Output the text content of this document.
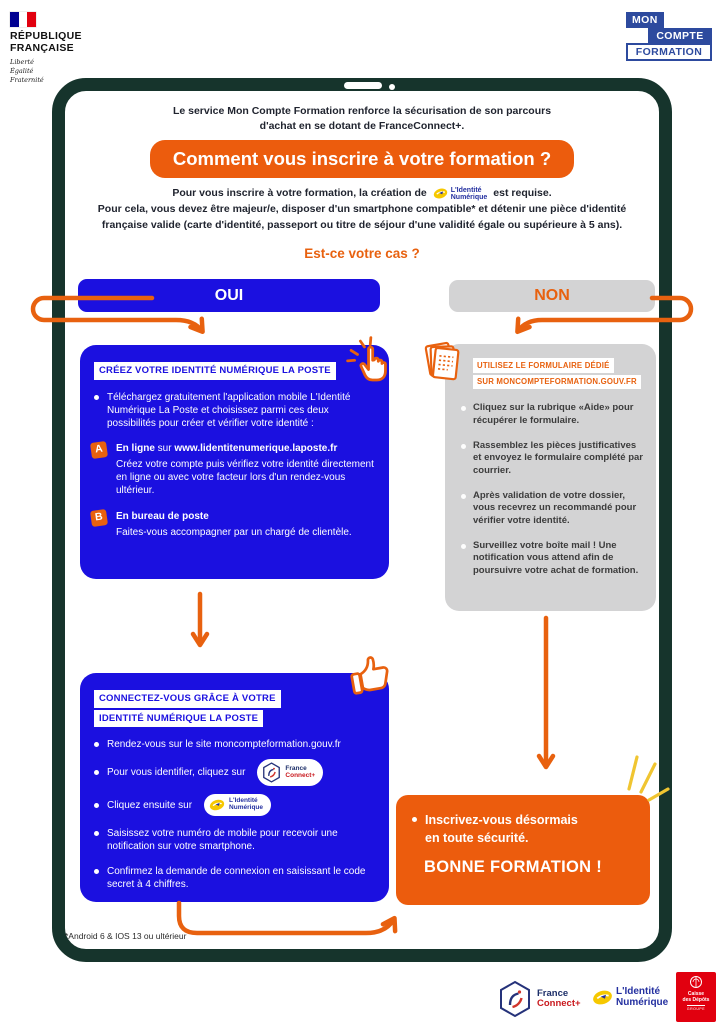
RÉPUBLIQUE
FRANÇAISE
Liberté
Égalité
Fraternité
MON
COMPTE
FORMATION
Le service Mon Compte Formation renforce la sécurisation de son parcours
d'achat en se dotant de FranceConnect+.
Comment vous inscrire à votre formation ?
Pour vous inscrire à votre formation, la création de	L'Identité
Numérique est requise.
Pour cela, vous devez être majeur/e, disposer d'un smartphone compatible* et détenir une pièce d'identité
française valide (carte d'identité, passeport ou titre de séjour d'une validité égale ou supérieure à 5 ans).
Est-ce votre cas ?
OUI	NON
CRÉEZ VOTRE IDENTITÉ NUMÉRIQUE LA POSTE
Téléchargez gratuitement l'application mobile L'Identité Numérique La Poste et choisissez parmi ces deux possibilités pour créer et vérifier votre identité :
A	En ligne sur www.lidentitenumerique.laposte.fr
Créez votre compte puis vérifiez votre identité directement en ligne ou avec votre facteur lors d'un rendez-vous ultérieur.
B	En bureau de poste
Faites-vous accompagner par un chargé de clientèle.
UTILISEZ LE FORMULAIRE DÉDIÉ
SUR MONCOMPTEFORMATION.GOUV.FR
Cliquez sur la rubrique «Aide» pour récupérer le formulaire.
Rassemblez les pièces justificatives et envoyez le formulaire complété par courrier.
Après validation de votre dossier, vous recevrez un recommandé pour vérifier votre identité.
Surveillez votre boîte mail ! Une notification vous attend afin de poursuivre votre achat de formation.
CONNECTEZ-VOUS GRÂCE À VOTRE
IDENTITÉ NUMÉRIQUE LA POSTE
Rendez-vous sur le site moncompteformation.gouv.fr
Pour vous identifier, cliquez sur	France
Connect+
Cliquez ensuite sur	L'Identité
Numérique
Saisissez votre numéro de mobile pour recevoir une notification sur votre smartphone.
Confirmez la demande de connexion en saisissant le code secret à 4 chiffres.
Inscrivez-vous désormais
en toute sécurité.
BONNE FORMATION !
*Android 6 & IOS 13 ou ultérieur
France
Connect+
L'Identité
Numérique
Caisse
des Dépôts
GROUPE
